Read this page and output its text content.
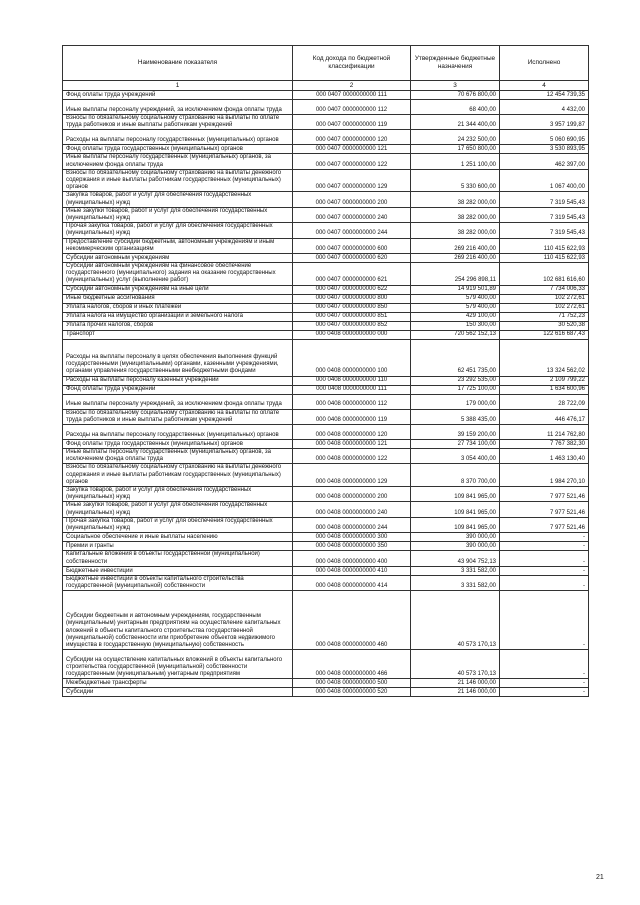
Наименование показателя	Код дохода по бюджетной классификации	Утвержденные бюджетные назначения	Исполнено
1	2	3	4
Фонд оплаты труда учреждений	000 0407 0000000000 111	70 676 800,00	12 454 739,35
Иные выплаты персоналу учреждений, за исключением фонда оплаты труда	000 0407 0000000000 112	68 400,00	4 432,00
Взносы по обязательному социальному страхованию на выплаты по оплате труда работников и иные выплаты работникам учреждений	000 0407 0000000000 119	21 344 400,00	3 957 199,87
Расходы на выплаты персоналу государственных (муниципальных) органов	000 0407 0000000000 120	24 232 500,00	5 060 690,95
Фонд оплаты труда государственных (муниципальных) органов	000 0407 0000000000 121	17 650 800,00	3 530 893,95
Иные выплаты персоналу государственных (муниципальных) органов, за исключением фонда оплаты труда	000 0407 0000000000 122	1 251 100,00	462 397,00
Взносы по обязательному социальному страхованию на выплаты денежного содержания и иные выплаты работникам государственных (муниципальных) органов	000 0407 0000000000 129	5 330 600,00	1 067 400,00
Закупка товаров, работ и услуг для обеспечения государственных (муниципальных) нужд	000 0407 0000000000 200	38 282 000,00	7 319 545,43
Иные закупки товаров, работ и услуг для обеспечения государственных (муниципальных) нужд	000 0407 0000000000 240	38 282 000,00	7 319 545,43
Прочая закупка товаров, работ и услуг для обеспечения государственных (муниципальных) нужд	000 0407 0000000000 244	38 282 000,00	7 319 545,43
Предоставление субсидий бюджетным, автономным учреждениям и иным некоммерческим организациям	000 0407 0000000000 600	269 216 400,00	110 415 622,93
Субсидии автономным учреждениям	000 0407 0000000000 620	269 216 400,00	110 415 622,93
Субсидии автономным учреждениям на финансовое обеспечение государственного (муниципального) задания на оказание государственных (муниципальных) услуг (выполнение работ)	000 0407 0000000000 621	254 296 898,11	102 681 616,60
Субсидии автономным учреждениям на иные цели	000 0407 0000000000 622	14 919 501,89	7 734 006,33
Иные бюджетные ассигнования	000 0407 0000000000 800	579 400,00	102 272,61
Уплата налогов, сборов и иных платежей	000 0407 0000000000 850	579 400,00	102 272,61
Уплата налога на имущество организаций и земельного налога	000 0407 0000000000 851	429 100,00	71 752,23
Уплата прочих налогов, сборов	000 0407 0000000000 852	150 300,00	30 520,38
Транспорт	000 0408 0000000000 000	720 562 152,13	122 616 687,43
Расходы на выплаты персоналу в целях обеспечения выполнения функций государственными (муниципальными) органами, казенными учреждениями, органами управления государственными внебюджетными фондами	000 0408 0000000000 100	62 451 735,00	13 324 562,02
Расходы на выплаты персоналу казенных учреждений	000 0408 0000000000 110	23 292 535,00	2 109 799,22
Фонд оплаты труда учреждений	000 0408 0000000000 111	17 725 100,00	1 634 600,96
Иные выплаты персоналу учреждений, за исключением фонда оплаты труда	000 0408 0000000000 112	179 000,00	28 722,09
Взносы по обязательному социальному страхованию на выплаты по оплате труда работников и иные выплаты работникам учреждений	000 0408 0000000000 119	5 388 435,00	446 476,17
Расходы на выплаты персоналу государственных (муниципальных) органов	000 0408 0000000000 120	39 159 200,00	11 214 762,80
Фонд оплаты труда государственных (муниципальных) органов	000 0408 0000000000 121	27 734 100,00	7 767 382,30
Иные выплаты персоналу государственных (муниципальных) органов, за исключением фонда оплаты труда	000 0408 0000000000 122	3 054 400,00	1 463 130,40
Взносы по обязательному социальному страхованию на выплаты денежного содержания и иные выплаты работникам государственных (муниципальных) органов	000 0408 0000000000 129	8 370 700,00	1 984 270,10
Закупка товаров, работ и услуг для обеспечения государственных (муниципальных) нужд	000 0408 0000000000 200	109 841 965,00	7 977 521,46
Иные закупки товаров, работ и услуг для обеспечения государственных (муниципальных) нужд	000 0408 0000000000 240	109 841 965,00	7 977 521,46
Прочая закупка товаров, работ и услуг для обеспечения государственных (муниципальных) нужд	000 0408 0000000000 244	109 841 965,00	7 977 521,46
Социальное обеспечение и иные выплаты населению	000 0408 0000000000 300	390 000,00	-
Премии и гранты	000 0408 0000000000 350	390 000,00	-
Капитальные вложения в объекты государственной (муниципальной) собственности	000 0408 0000000000 400	43 904 752,13	-
Бюджетные инвестиции	000 0408 0000000000 410	3 331 582,00	-
Бюджетные инвестиции в объекты капитального строительства государственной (муниципальной) собственности	000 0408 0000000000 414	3 331 582,00	-
Субсидии бюджетным и автономным учреждениям, государственным (муниципальным) унитарным предприятиям на осуществление капитальных вложений в объекты капитального строительства государственной (муниципальной) собственности или приобретение объектов недвижимого имущества в государственную (муниципальную) собственность	000 0408 0000000000 460	40 573 170,13	-
Субсидии на осуществление капитальных вложений в объекты капитального строительства государственной (муниципальной) собственности государственным (муниципальным) унитарным предприятиям	000 0408 0000000000 466	40 573 170,13	-
Межбюджетные трансферты	000 0408 0000000000 500	21 146 000,00	-
Субсидии	000 0408 0000000000 520	21 146 000,00	-
21
